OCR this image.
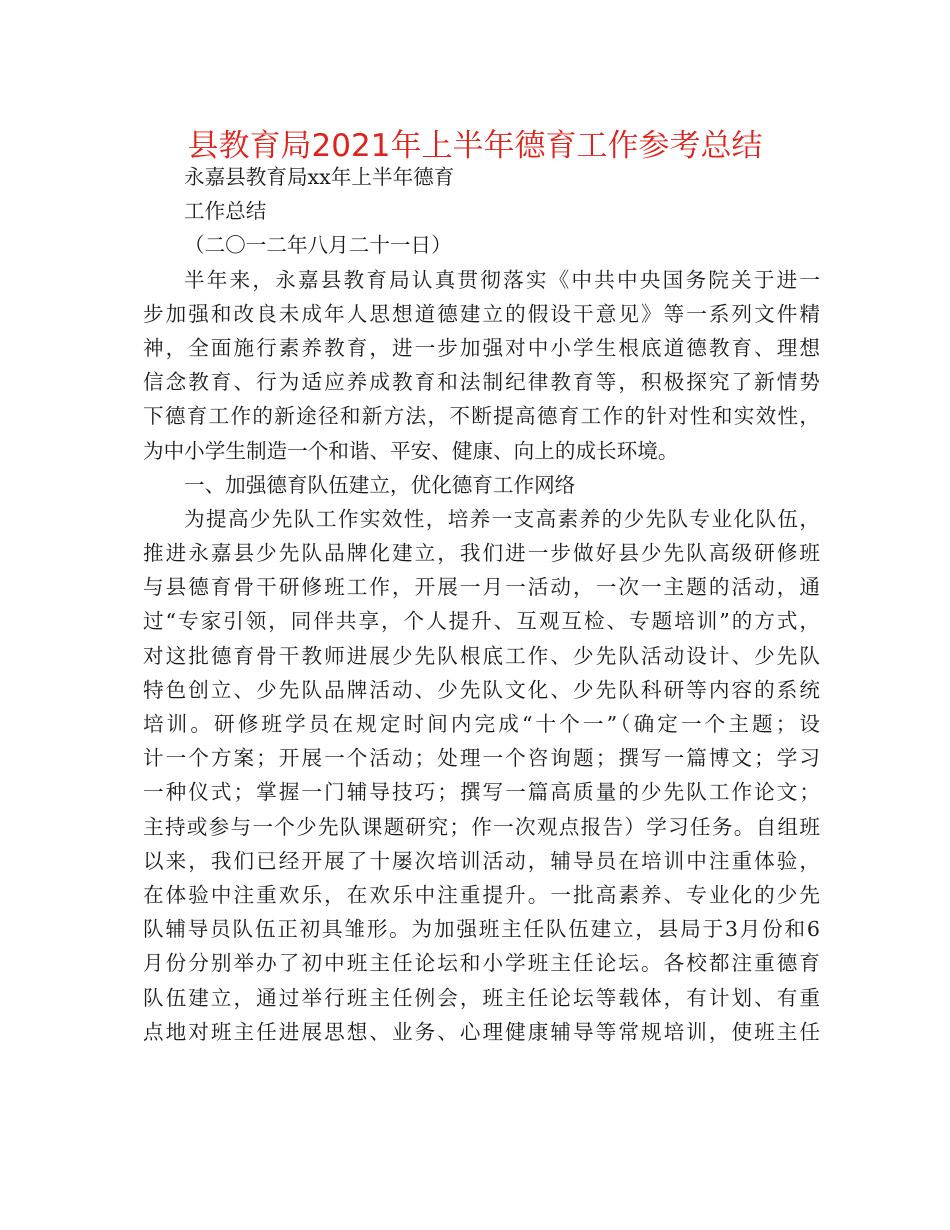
县教育局2021年上半年德育工作参考总结
永嘉县教育局xx年上半年德育
工作总结
（二〇一二年八月二十一日）
半年来，永嘉县教育局认真贯彻落实《中共中央国务院关于进一
步加强和改良未成年人思想道德建立的假设干意见》等一系列文件精
神，全面施行素养教育，进一步加强对中小学生根底道德教育、理想
信念教育、行为适应养成教育和法制纪律教育等，积极探究了新情势
下德育工作的新途径和新方法，不断提高德育工作的针对性和实效性，
为中小学生制造一个和谐、平安、健康、向上的成长环境。
一、加强德育队伍建立，优化德育工作网络
为提高少先队工作实效性，培养一支高素养的少先队专业化队伍，
推进永嘉县少先队品牌化建立，我们进一步做好县少先队高级研修班
与县德育骨干研修班工作，开展一月一活动，一次一主题的活动，通
过“专家引领，同伴共享，个人提升、互观互检、专题培训”的方式，
对这批德育骨干教师进展少先队根底工作、少先队活动设计、少先队
特色创立、少先队品牌活动、少先队文化、少先队科研等内容的系统
培训。研修班学员在规定时间内完成“十个一”（确定一个主题；设
计一个方案；开展一个活动；处理一个咨询题；撰写一篇博文；学习
一种仪式；掌握一门辅导技巧；撰写一篇高质量的少先队工作论文；
主持或参与一个少先队课题研究；作一次观点报告）学习任务。自组班
以来，我们已经开展了十屡次培训活动，辅导员在培训中注重体验，
在体验中注重欢乐，在欢乐中注重提升。一批高素养、专业化的少先
队辅导员队伍正初具雏形。为加强班主任队伍建立，县局于3月份和6
月份分别举办了初中班主任论坛和小学班主任论坛。各校都注重德育
队伍建立，通过举行班主任例会，班主任论坛等载体，有计划、有重
点地对班主任进展思想、业务、心理健康辅导等常规培训，使班主任
